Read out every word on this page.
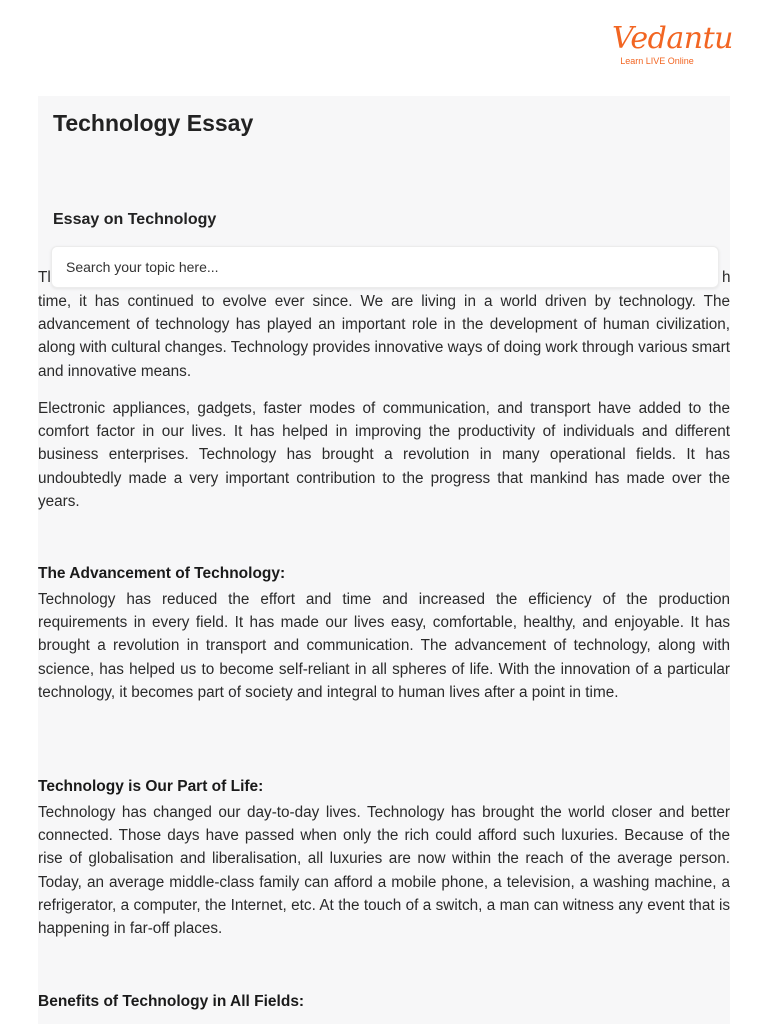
Vedantu
Learn LIVE Online
Technology Essay
Essay on Technology
Tl	h
Search your topic here...

time, it has continued to evolve ever since. We are living in a world driven by technology. The advancement of technology has played an important role in the development of human civilization, along with cultural changes. Technology provides innovative ways of doing work through various smart and innovative means.

Electronic appliances, gadgets, faster modes of communication, and transport have added to the comfort factor in our lives. It has helped in improving the productivity of individuals and different business enterprises. Technology has brought a revolution in many operational fields. It has undoubtedly made a very important contribution to the progress that mankind has made over the years.

The Advancement of Technology:

Technology has reduced the effort and time and increased the efficiency of the production requirements in every field. It has made our lives easy, comfortable, healthy, and enjoyable. It has brought a revolution in transport and communication. The advancement of technology, along with science, has helped us to become self-reliant in all spheres of life. With the innovation of a particular technology, it becomes part of society and integral to human lives after a point in time.

Technology is Our Part of Life:

Technology has changed our day-to-day lives. Technology has brought the world closer and better connected. Those days have passed when only the rich could afford such luxuries. Because of the rise of globalisation and liberalisation, all luxuries are now within the reach of the average person. Today, an average middle-class family can afford a mobile phone, a television, a washing machine, a refrigerator, a computer, the Internet, etc. At the touch of a switch, a man can witness any event that is happening in far-off places.

Benefits of Technology in All Fields:
